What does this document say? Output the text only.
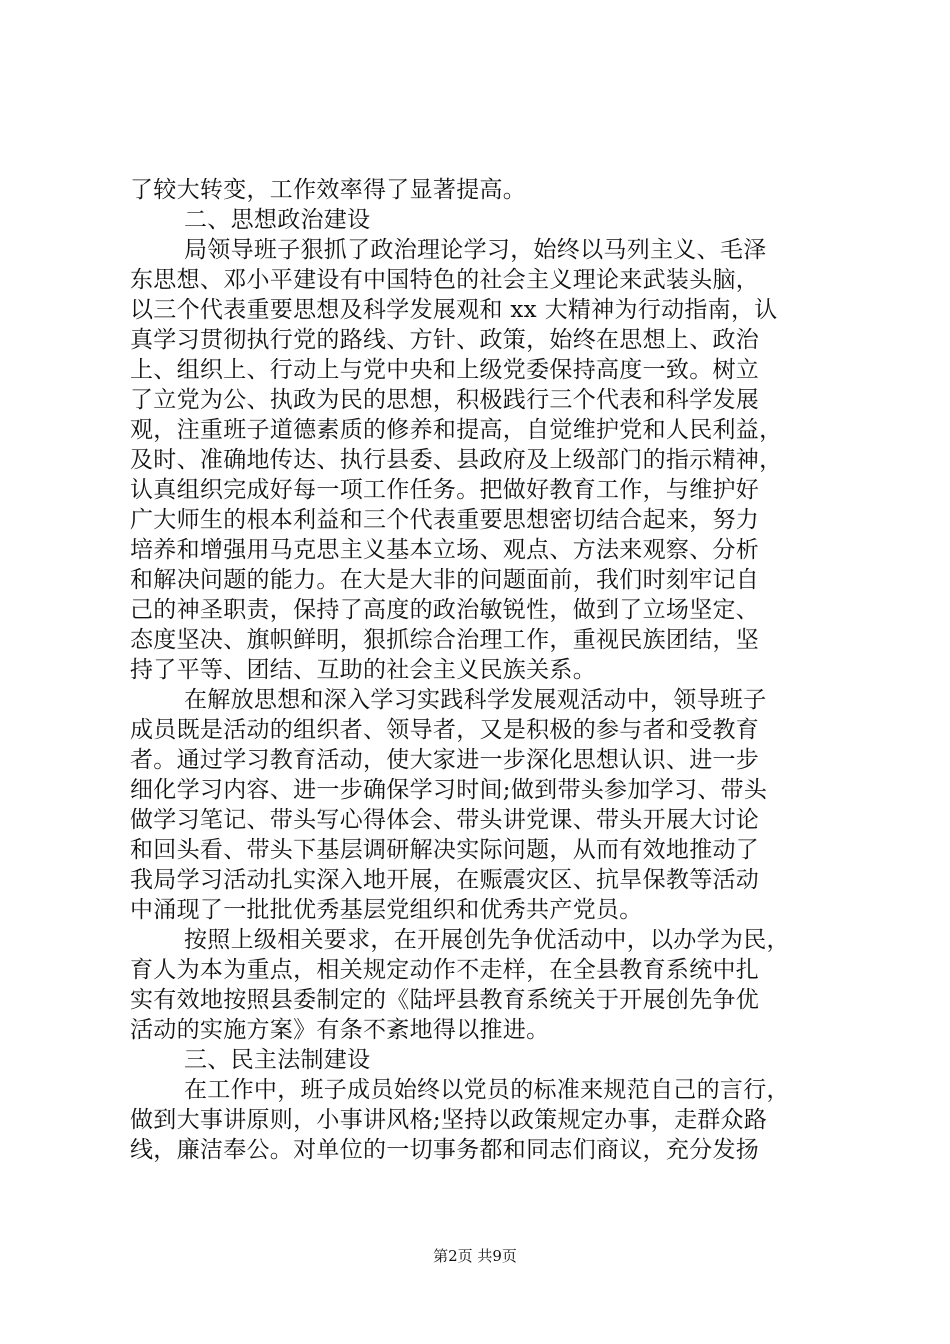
了较大转变，工作效率得了显著提高。
二、思想政治建设
局领导班子狠抓了政治理论学习，始终以马列主义、毛泽
东思想、邓小平建设有中国特色的社会主义理论来武装头脑，
以三个代表重要思想及科学发展观和 xx 大精神为行动指南，认
真学习贯彻执行党的路线、方针、政策，始终在思想上、政治
上、组织上、行动上与党中央和上级党委保持高度一致。树立
了立党为公、执政为民的思想，积极践行三个代表和科学发展
观，注重班子道德素质的修养和提高，自觉维护党和人民利益，
及时、准确地传达、执行县委、县政府及上级部门的指示精神，
认真组织完成好每一项工作任务。把做好教育工作，与维护好
广大师生的根本利益和三个代表重要思想密切结合起来，努力
培养和增强用马克思主义基本立场、观点、方法来观察、分析
和解决问题的能力。在大是大非的问题面前，我们时刻牢记自
己的神圣职责，保持了高度的政治敏锐性，做到了立场坚定、
态度坚决、旗帜鲜明，狠抓综合治理工作，重视民族团结，坚
持了平等、团结、互助的社会主义民族关系。
在解放思想和深入学习实践科学发展观活动中，领导班子
成员既是活动的组织者、领导者，又是积极的参与者和受教育
者。通过学习教育活动，使大家进一步深化思想认识、进一步
细化学习内容、进一步确保学习时间;做到带头参加学习、带头
做学习笔记、带头写心得体会、带头讲党课、带头开展大讨论
和回头看、带头下基层调研解决实际问题，从而有效地推动了
我局学习活动扎实深入地开展，在赈震灾区、抗旱保教等活动
中涌现了一批批优秀基层党组织和优秀共产党员。
按照上级相关要求，在开展创先争优活动中，以办学为民，
育人为本为重点，相关规定动作不走样，在全县教育系统中扎
实有效地按照县委制定的《陆坪县教育系统关于开展创先争优
活动的实施方案》有条不紊地得以推进。
三、民主法制建设
在工作中，班子成员始终以党员的标准来规范自己的言行，
做到大事讲原则，小事讲风格;坚持以政策规定办事，走群众路
线，廉洁奉公。对单位的一切事务都和同志们商议，充分发扬
第2页 共9页
